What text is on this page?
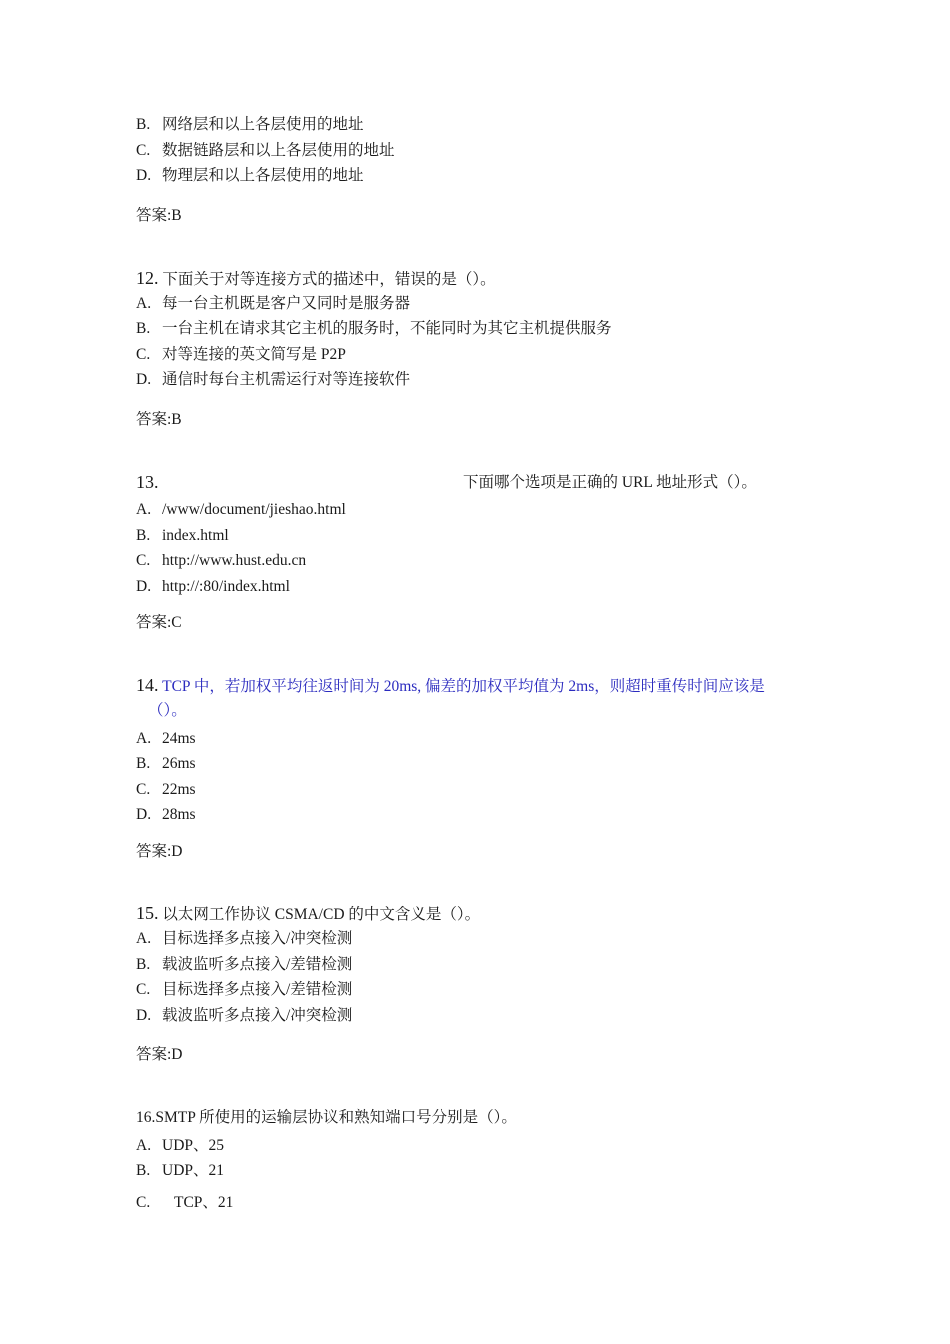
B. 网络层和以上各层使用的地址
C. 数据链路层和以上各层使用的地址
D. 物理层和以上各层使用的地址
答案:B
12. 下面关于对等连接方式的描述中，错误的是（）。
A. 每一台主机既是客户又同时是服务器
B. 一台主机在请求其它主机的服务时，不能同时为其它主机提供服务
C. 对等连接的英文简写是 P2P
D. 通信时每台主机需运行对等连接软件
答案:B
13.	下面哪个选项是正确的 URL 地址形式（）。
A. /www/document/jieshao.html
B. index.html
C. http://www.hust.edu.cn
D. http://:80/index.html
答案:C
14. TCP 中，若加权平均往返时间为 20ms, 偏差的加权平均值为 2ms，则超时重传时间应该是
（）。
A. 24ms
B. 26ms
C. 22ms
D. 28ms
答案:D
15. 以太网工作协议 CSMA/CD 的中文含义是（）。
A. 目标选择多点接入/冲突检测
B. 载波监听多点接入/差错检测
C. 目标选择多点接入/差错检测
D. 载波监听多点接入/冲突检测
答案:D
16.SMTP 所使用的运输层协议和熟知端口号分别是（）。
A. UDP、25
B. UDP、21
C. TCP、21
